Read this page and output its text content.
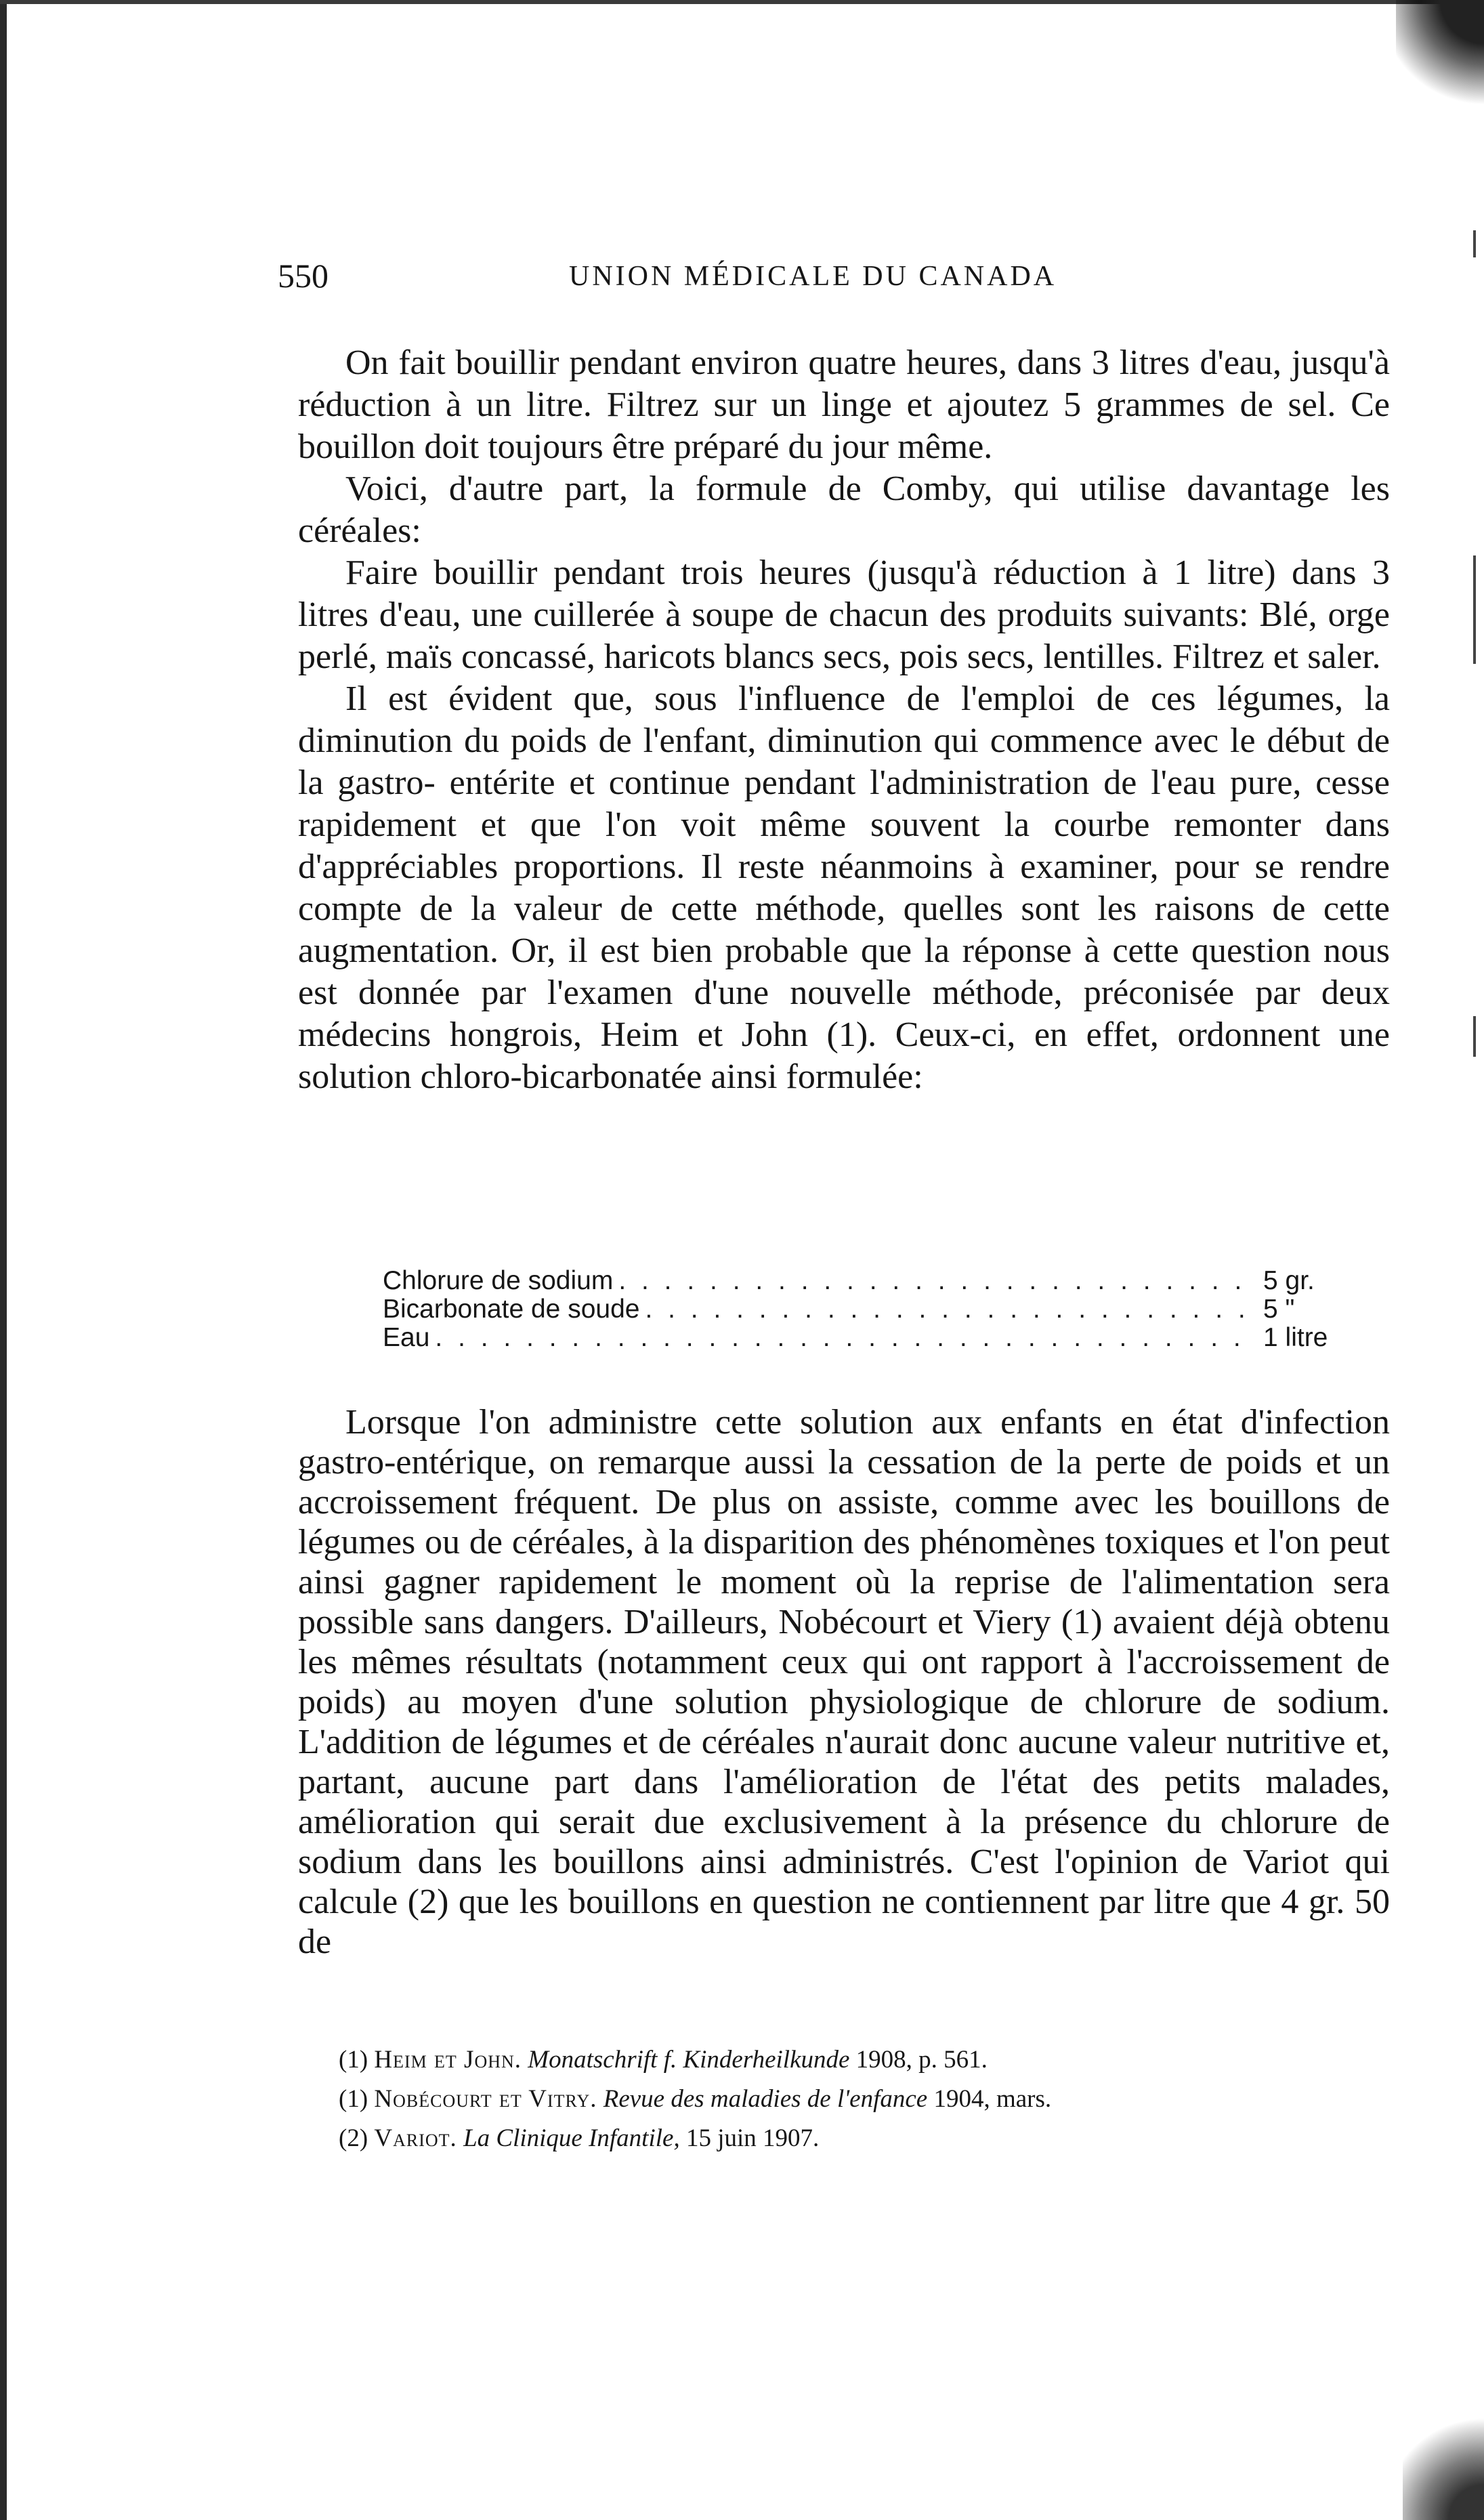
550	UNION MÉDICALE DU CANADA

On fait bouillir pendant environ quatre heures, dans 3 litres d'eau, jusqu'à réduction à un litre. Filtrez sur un linge et ajoutez 5 grammes de sel. Ce bouillon doit toujours être préparé du jour même.

Voici, d'autre part, la formule de Comby, qui utilise davantage les céréales:

Faire bouillir pendant trois heures (jusqu'à réduction à 1 litre) dans 3 litres d'eau, une cuillerée à soupe de chacun des produits suivants: Blé, orge perlé, maïs concassé, haricots blancs secs, pois secs, lentilles. Filtrez et saler.

Il est évident que, sous l'influence de l'emploi de ces légumes, la diminution du poids de l'enfant, diminution qui commence avec le début de la gastro- entérite et continue pendant l'administration de l'eau pure, cesse rapidement et que l'on voit même souvent la courbe remonter dans d'appréciables proportions. Il reste néanmoins à examiner, pour se rendre compte de la valeur de cette méthode, quelles sont les raisons de cette augmentation. Or, il est bien probable que la réponse à cette question nous est donnée par l'examen d'une nouvelle méthode, préconisée par deux médecins hongrois, Heim et John (1). Ceux-ci, en effet, ordonnent une solution chloro-bicarbonatée ainsi formulée:

Chlorure de sodium . . .	5 gr.
Bicarbonate de soude . . .	5 "
Eau . . .	1 litre

Lorsque l'on administre cette solution aux enfants en état d'infection gastro-entérique, on remarque aussi la cessation de la perte de poids et un accroissement fréquent. De plus on assiste, comme avec les bouillons de légumes ou de céréales, à la disparition des phénomènes toxiques et l'on peut ainsi gagner rapidement le moment où la reprise de l'alimentation sera possible sans dangers. D'ailleurs, Nobécourt et Viery (1) avaient déjà obtenu les mêmes résultats (notamment ceux qui ont rapport à l'accroissement de poids) au moyen d'une solution physiologique de chlorure de sodium. L'addition de légumes et de céréales n'aurait donc aucune valeur nutritive et, partant, aucune part dans l'amélioration de l'état des petits malades, amélioration qui serait due exclusivement à la présence du chlorure de sodium dans les bouillons ainsi administrés. C'est l'opinion de Variot qui calcule (2) que les bouillons en question ne contiennent par litre que 4 gr. 50 de

(1) Heim et John. Monatschrift f. Kinderheilkunde 1908, p. 561.
(1) Nobécourt et Vitry. Revue des maladies de l'enfance 1904, mars.
(2) Variot. La Clinique Infantile, 15 juin 1907.
